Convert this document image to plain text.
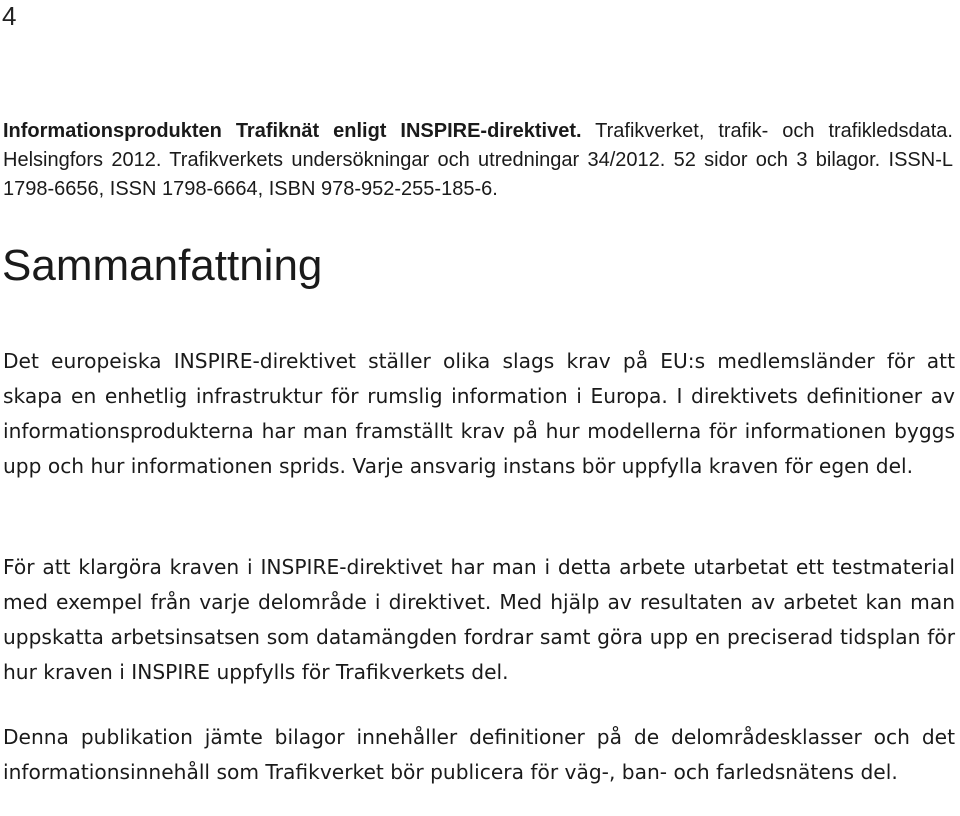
4
Informationsprodukten Trafiknät enligt INSPIRE-direktivet. Trafikverket, trafik- och trafikledsdata. Helsingfors 2012. Trafikverkets undersökningar och utredningar 34/2012. 52 sidor och 3 bilagor. ISSN-L 1798-6656, ISSN 1798-6664, ISBN 978-952-255-185-6.
Sammanfattning

Det europeiska INSPIRE-direktivet ställer olika slags krav på EU:s medlemsländer för att skapa en enhetlig infrastruktur för rumslig information i Europa. I direktivets definitioner av informationsprodukterna har man framställt krav på hur modellerna för informationen byggs upp och hur informationen sprids. Varje ansvarig instans bör uppfylla kraven för egen del.

För att klargöra kraven i INSPIRE-direktivet har man i detta arbete utarbetat ett testmaterial med exempel från varje delområde i direktivet. Med hjälp av resultaten av arbetet kan man uppskatta arbetsinsatsen som datamängden fordrar samt göra upp en preciserad tidsplan för hur kraven i INSPIRE uppfylls för Trafikverkets del.

Denna publikation jämte bilagor innehåller definitioner på de delområdesklasser och det informationsinnehåll som Trafikverket bör publicera för väg-, ban- och farledsnätens del.
